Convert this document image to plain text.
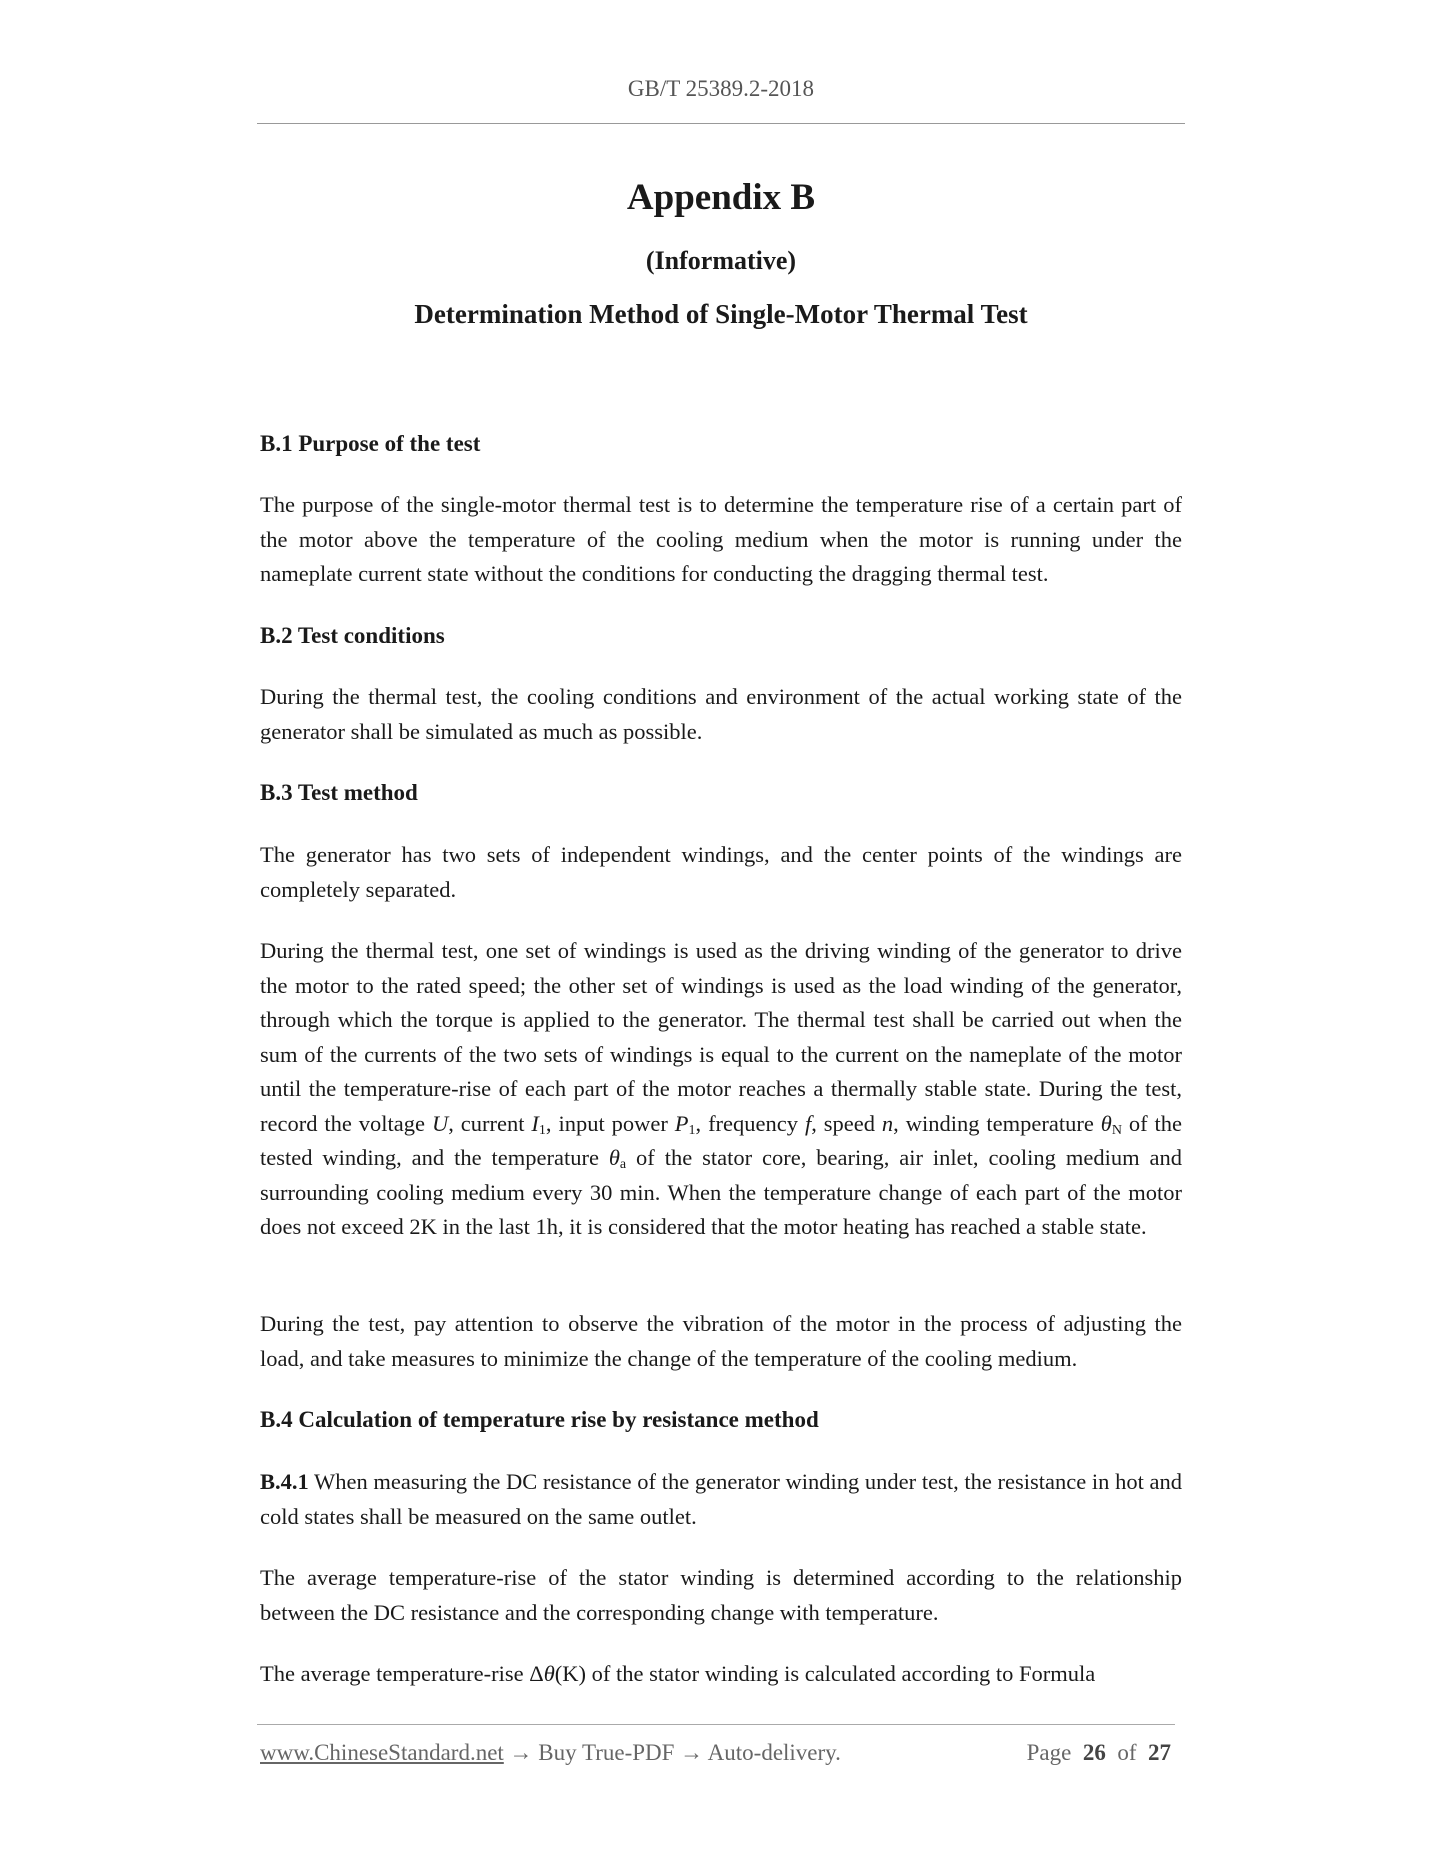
GB/T 25389.2-2018
Appendix B
(Informative)
Determination Method of Single-Motor Thermal Test
B.1 Purpose of the test

The purpose of the single-motor thermal test is to determine the temperature rise of a certain part of the motor above the temperature of the cooling medium when the motor is running under the nameplate current state without the conditions for conducting the dragging thermal test.

B.2 Test conditions

During the thermal test, the cooling conditions and environment of the actual working state of the generator shall be simulated as much as possible.

B.3 Test method

The generator has two sets of independent windings, and the center points of the windings are completely separated.

During the thermal test, one set of windings is used as the driving winding of the generator to drive the motor to the rated speed; the other set of windings is used as the load winding of the generator, through which the torque is applied to the generator. The thermal test shall be carried out when the sum of the currents of the two sets of windings is equal to the current on the nameplate of the motor until the temperature-rise of each part of the motor reaches a thermally stable state. During the test, record the voltage U, current $I_1$, input power $P_1$, frequency f, speed n, winding temperature $\theta_N$ of the tested winding, and the temperature $\theta_a$ of the stator core, bearing, air inlet, cooling medium and surrounding cooling medium every 30 min. When the temperature change of each part of the motor does not exceed 2K in the last 1h, it is considered that the motor heating has reached a stable state.

During the test, pay attention to observe the vibration of the motor in the process of adjusting the load, and take measures to minimize the change of the temperature of the cooling medium.

B.4 Calculation of temperature rise by resistance method

B.4.1 When measuring the DC resistance of the generator winding under test, the resistance in hot and cold states shall be measured on the same outlet.

The average temperature-rise of the stator winding is determined according to the relationship between the DC resistance and the corresponding change with temperature.

The average temperature-rise Δθ(K) of the stator winding is calculated according to Formula

www.ChineseStandard.net → Buy True-PDF → Auto-delivery.	Page 26 of 27
